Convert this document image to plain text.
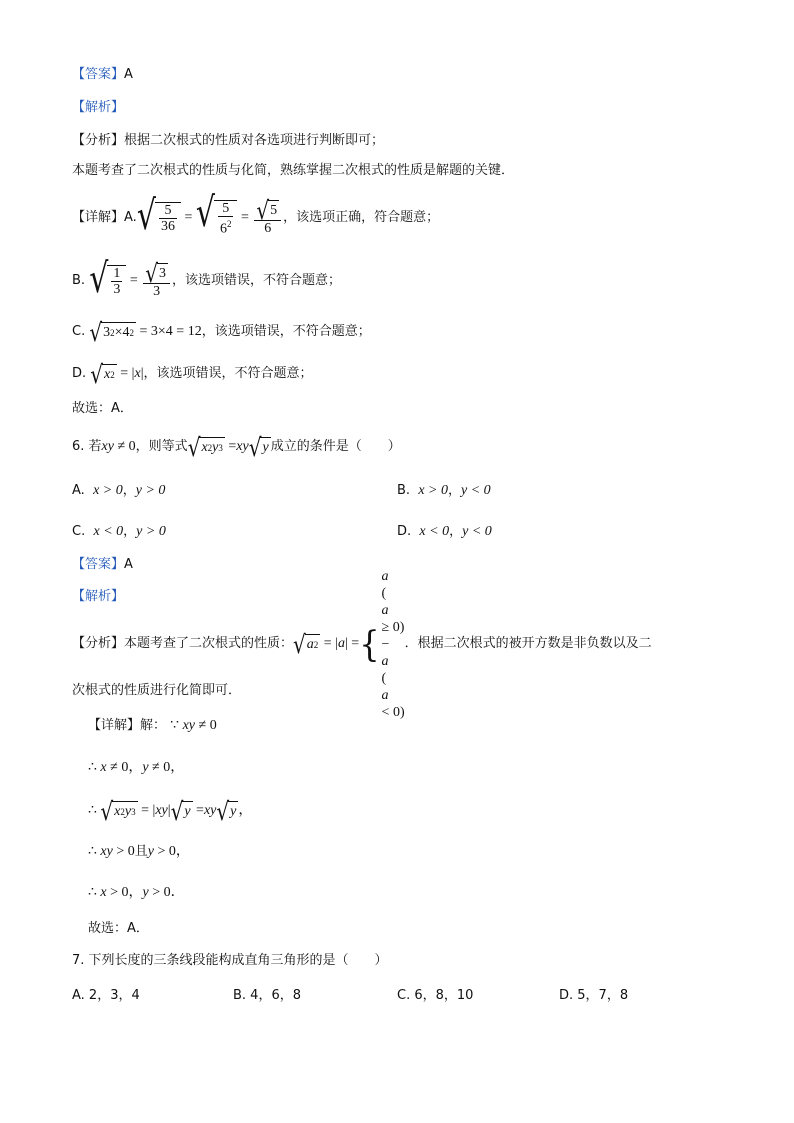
【答案】A
【解析】
【分析】根据二次根式的性质对各选项进行判断即可；
本题考查了二次根式的性质与化简，熟练掌握二次根式的性质是解题的关键．
【详解】 A. √ $\frac{5}{36}$ = √ $\frac{5}{6^2} = \frac{√ 5}{6}$ ，该选项正确，符合题意；
B.
√ $\frac{1}{3} = \frac{√ 3}{3}$ ，该选项错误，不符合题意；
C.
√ 3 2 ×4 2 = 3×4 = 12 ，该选项错误，不符合题意；
D.
√ x 2 = | x | ，该选项错误，不符合题意；
故选：A．
6. 若 xy ≠ 0 ，则等式 √ x 2 y 3 = xy √ y 成立的条件是（　　）
A. x > 0，y > 0	B. x > 0，y < 0
C. x < 0，y > 0	D. x < 0，y < 0
【答案】A
【解析】
【分析】 本题考查了二次根式的性质： √ a 2 = | a | = {
a
(
a
≥ 0)
−
a
(
a
< 0)
．根据二次根式的被开方数是非负数以及二
次根式的性质进行化简即可．
【详解】解： ∵ xy ≠ 0
∴ x ≠ 0，y ≠ 0，
∴ √ x 2 y 3 = | xy | √ y = xy √ y ，
∴ xy > 0且y > 0，
∴ x > 0，y > 0．
故选：A．
7. 下列长度的三条线段能构成直角三角形的是（　　）
A. 2，3，4	B. 4，6，8	C. 6，8，10	D. 5，7，8
